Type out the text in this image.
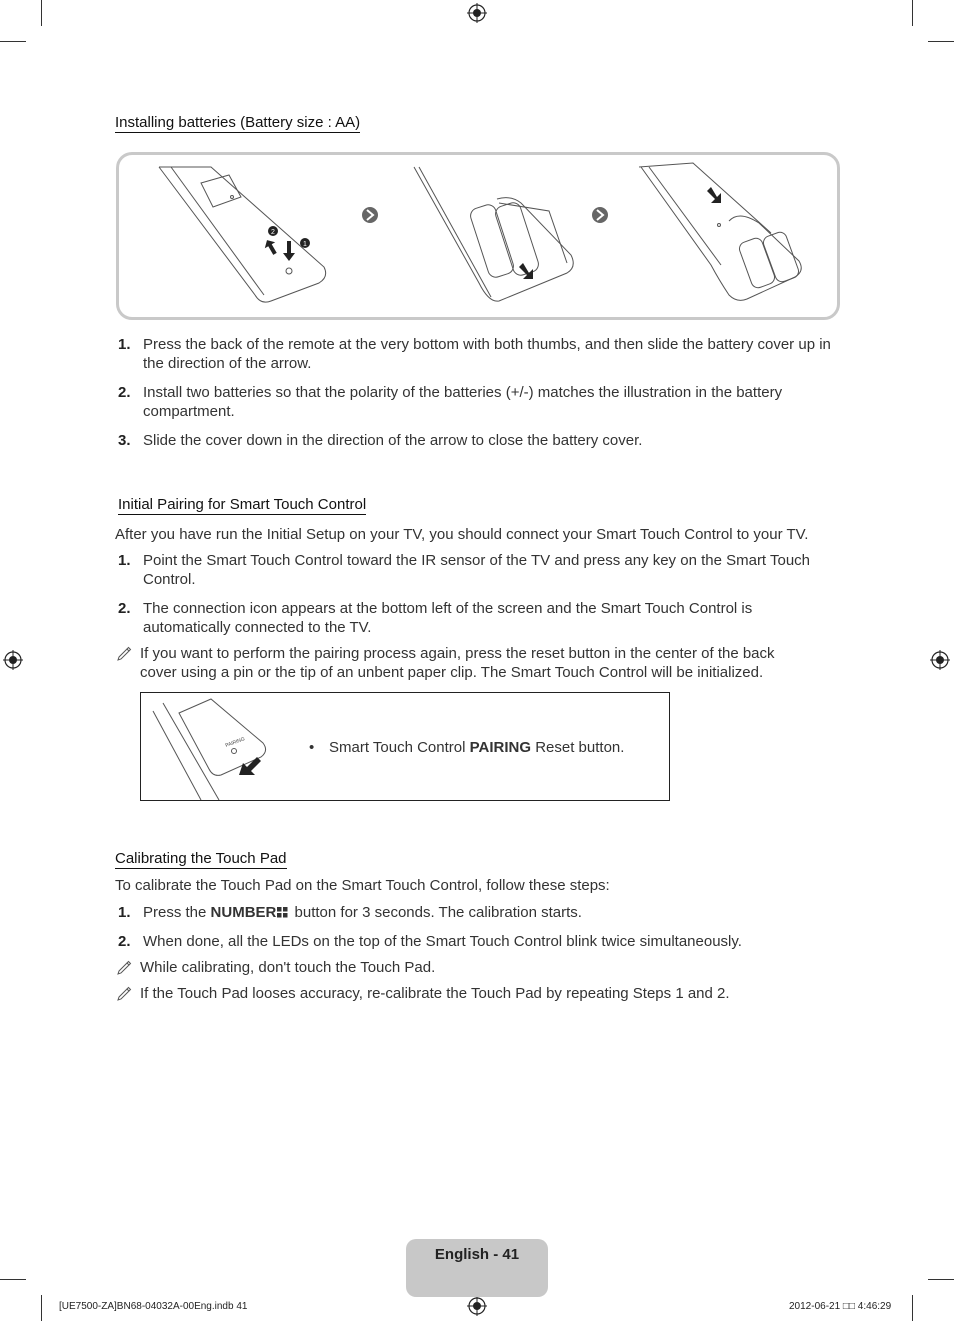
Installing batteries (Battery size : AA)
2
1
1. Press the back of the remote at the very bottom with both thumbs, and then slide the battery cover up in the direction of the arrow.
2. Install two batteries so that the polarity of the batteries (+/-) matches the illustration in the battery compartment.
3. Slide the cover down in the direction of the arrow to close the battery cover.
Initial Pairing for Smart Touch Control
After you have run the Initial Setup on your TV, you should connect your Smart Touch Control to your TV.
1. Point the Smart Touch Control toward the IR sensor of the TV and press any key on the Smart Touch Control.
2. The connection icon appears at the bottom left of the screen and the Smart Touch Control is automatically connected to the TV.
If you want to perform the pairing process again, press the reset button in the center of the back cover using a pin or the tip of an unbent paper clip. The Smart Touch Control will be initialized.
PAIRING	• Smart Touch Control PAIRING Reset button.
Calibrating the Touch Pad
To calibrate the Touch Pad on the Smart Touch Control, follow these steps:
1. Press the NUMBER button for 3 seconds. The calibration starts.
2. When done, all the LEDs on the top of the Smart Touch Control blink twice simultaneously.
While calibrating, don't touch the Touch Pad.
If the Touch Pad looses accuracy, re-calibrate the Touch Pad by repeating Steps 1 and 2.
English - 41
[UE7500-ZA]BN68-04032A-00Eng.indb 41	2012-06-21 □□ 4:46:29
